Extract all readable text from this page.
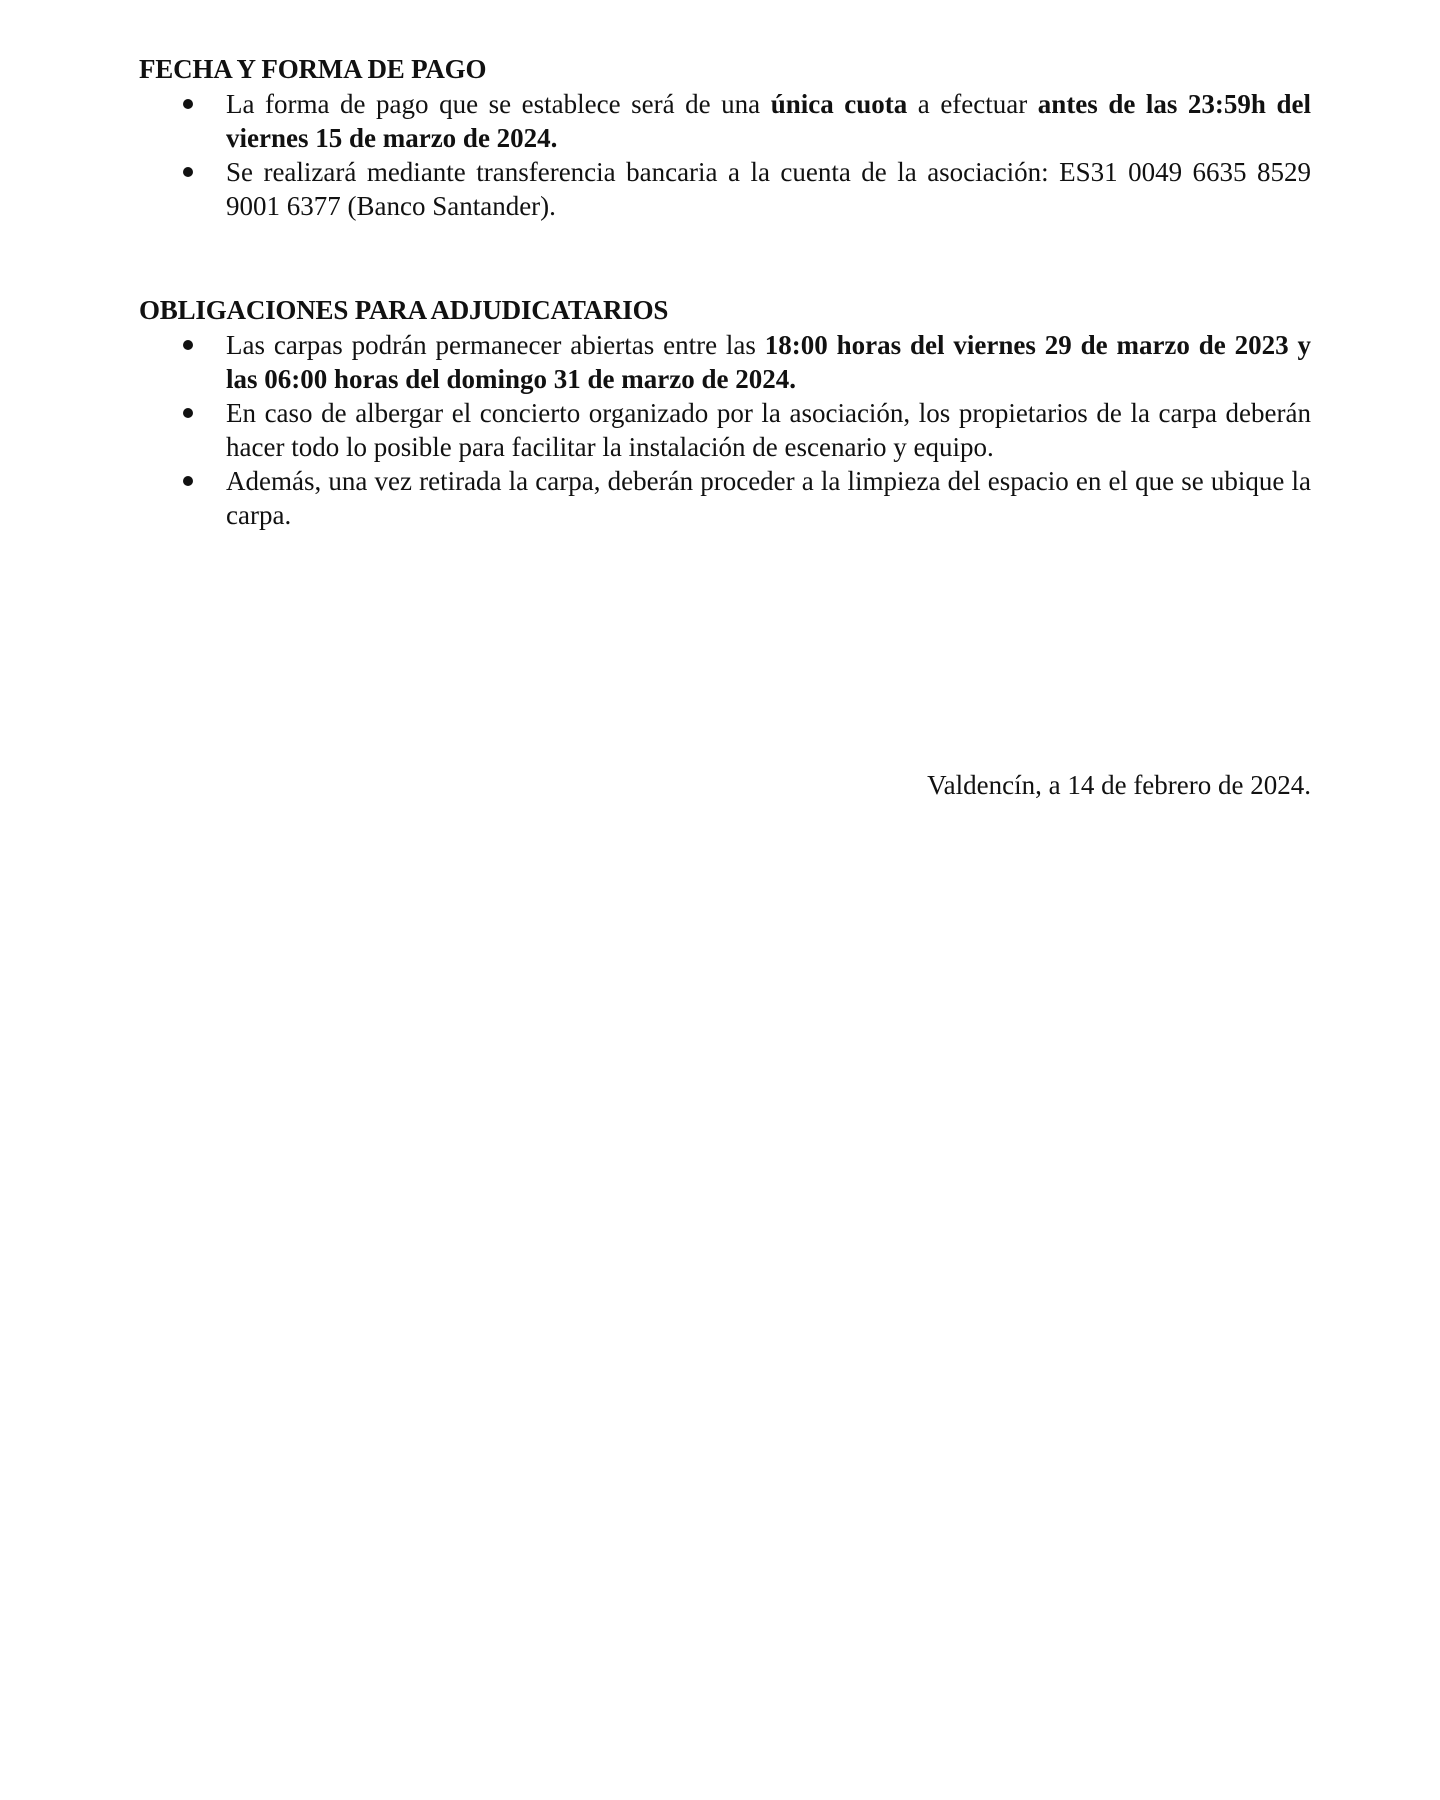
FECHA Y FORMA DE PAGO
La forma de pago que se establece será de una única cuota a efectuar antes de las 23:59h del viernes 15 de marzo de 2024.
Se realizará mediante transferencia bancaria a la cuenta de la asociación: ES31 0049 6635 8529 9001 6377 (Banco Santander).
OBLIGACIONES PARA ADJUDICATARIOS
Las carpas podrán permanecer abiertas entre las 18:00 horas del viernes 29 de marzo de 2023 y las 06:00 horas del domingo 31 de marzo de 2024.
En caso de albergar el concierto organizado por la asociación, los propietarios de la carpa deberán hacer todo lo posible para facilitar la instalación de escenario y equipo.
Además, una vez retirada la carpa, deberán proceder a la limpieza del espacio en el que se ubique la carpa.
Valdencín, a 14 de febrero de 2024.
